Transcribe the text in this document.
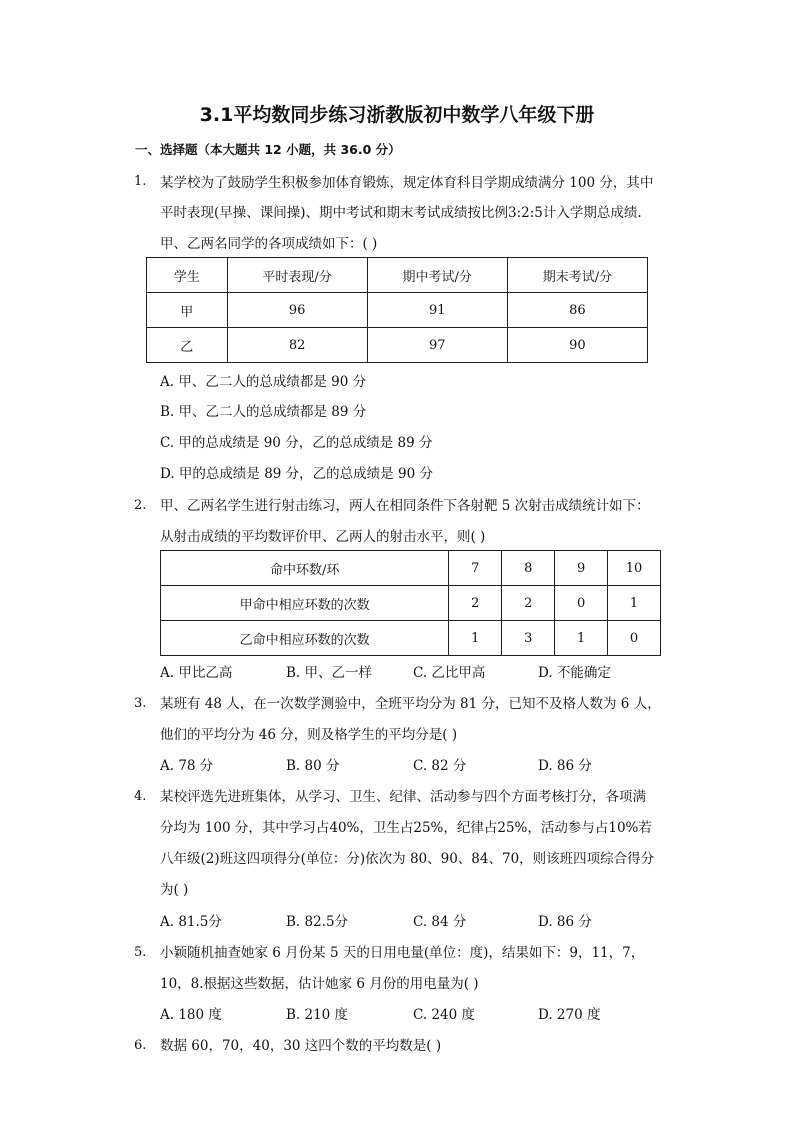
3.1平均数同步练习浙教版初中数学八年级下册
一、选择题（本大题共 12 小题，共 36.0 分）
1. 某学校为了鼓励学生积极参加体育锻炼，规定体育科目学期成绩满分 100 分，其中
平时表现(早操、课间操)、期中考试和期末考试成绩按比例3:2:5计入学期总成绩.
甲、乙两名同学的各项成绩如下：( )
学生	平时表现/分	期中考试/分	期末考试/分
甲	96	91	86
乙	82	97	90
A. 甲、乙二人的总成绩都是 90 分
B. 甲、乙二人的总成绩都是 89 分
C. 甲的总成绩是 90 分，乙的总成绩是 89 分
D. 甲的总成绩是 89 分，乙的总成绩是 90 分
2. 甲、乙两名学生进行射击练习，两人在相同条件下各射靶 5 次射击成绩统计如下：
从射击成绩的平均数评价甲、乙两人的射击水平，则( )
命中环数/环	7	8	9	10
甲命中相应环数的次数	2	2	0	1
乙命中相应环数的次数	1	3	1	0
A. 甲比乙高	B. 甲、乙一样	C. 乙比甲高	D. 不能确定
3. 某班有 48 人，在一次数学测验中，全班平均分为 81 分，已知不及格人数为 6 人，
他们的平均分为 46 分，则及格学生的平均分是( )
A. 78 分	B. 80 分	C. 82 分	D. 86 分
4. 某校评选先进班集体，从学习、卫生、纪律、活动参与四个方面考核打分，各项满
分均为 100 分，其中学习占40%，卫生占25%，纪律占25%，活动参与占10%若
八年级(2)班这四项得分(单位：分)依次为 80、90、84、70，则该班四项综合得分
为( )
A. 81.5分	B. 82.5分	C. 84 分	D. 86 分
5. 小颖随机抽查她家 6 月份某 5 天的日用电量(单位：度)，结果如下：9，11，7，
10，8.根据这些数据，估计她家 6 月份的用电量为( )
A. 180 度	B. 210 度	C. 240 度	D. 270 度
6. 数据 60，70，40，30 这四个数的平均数是( )
